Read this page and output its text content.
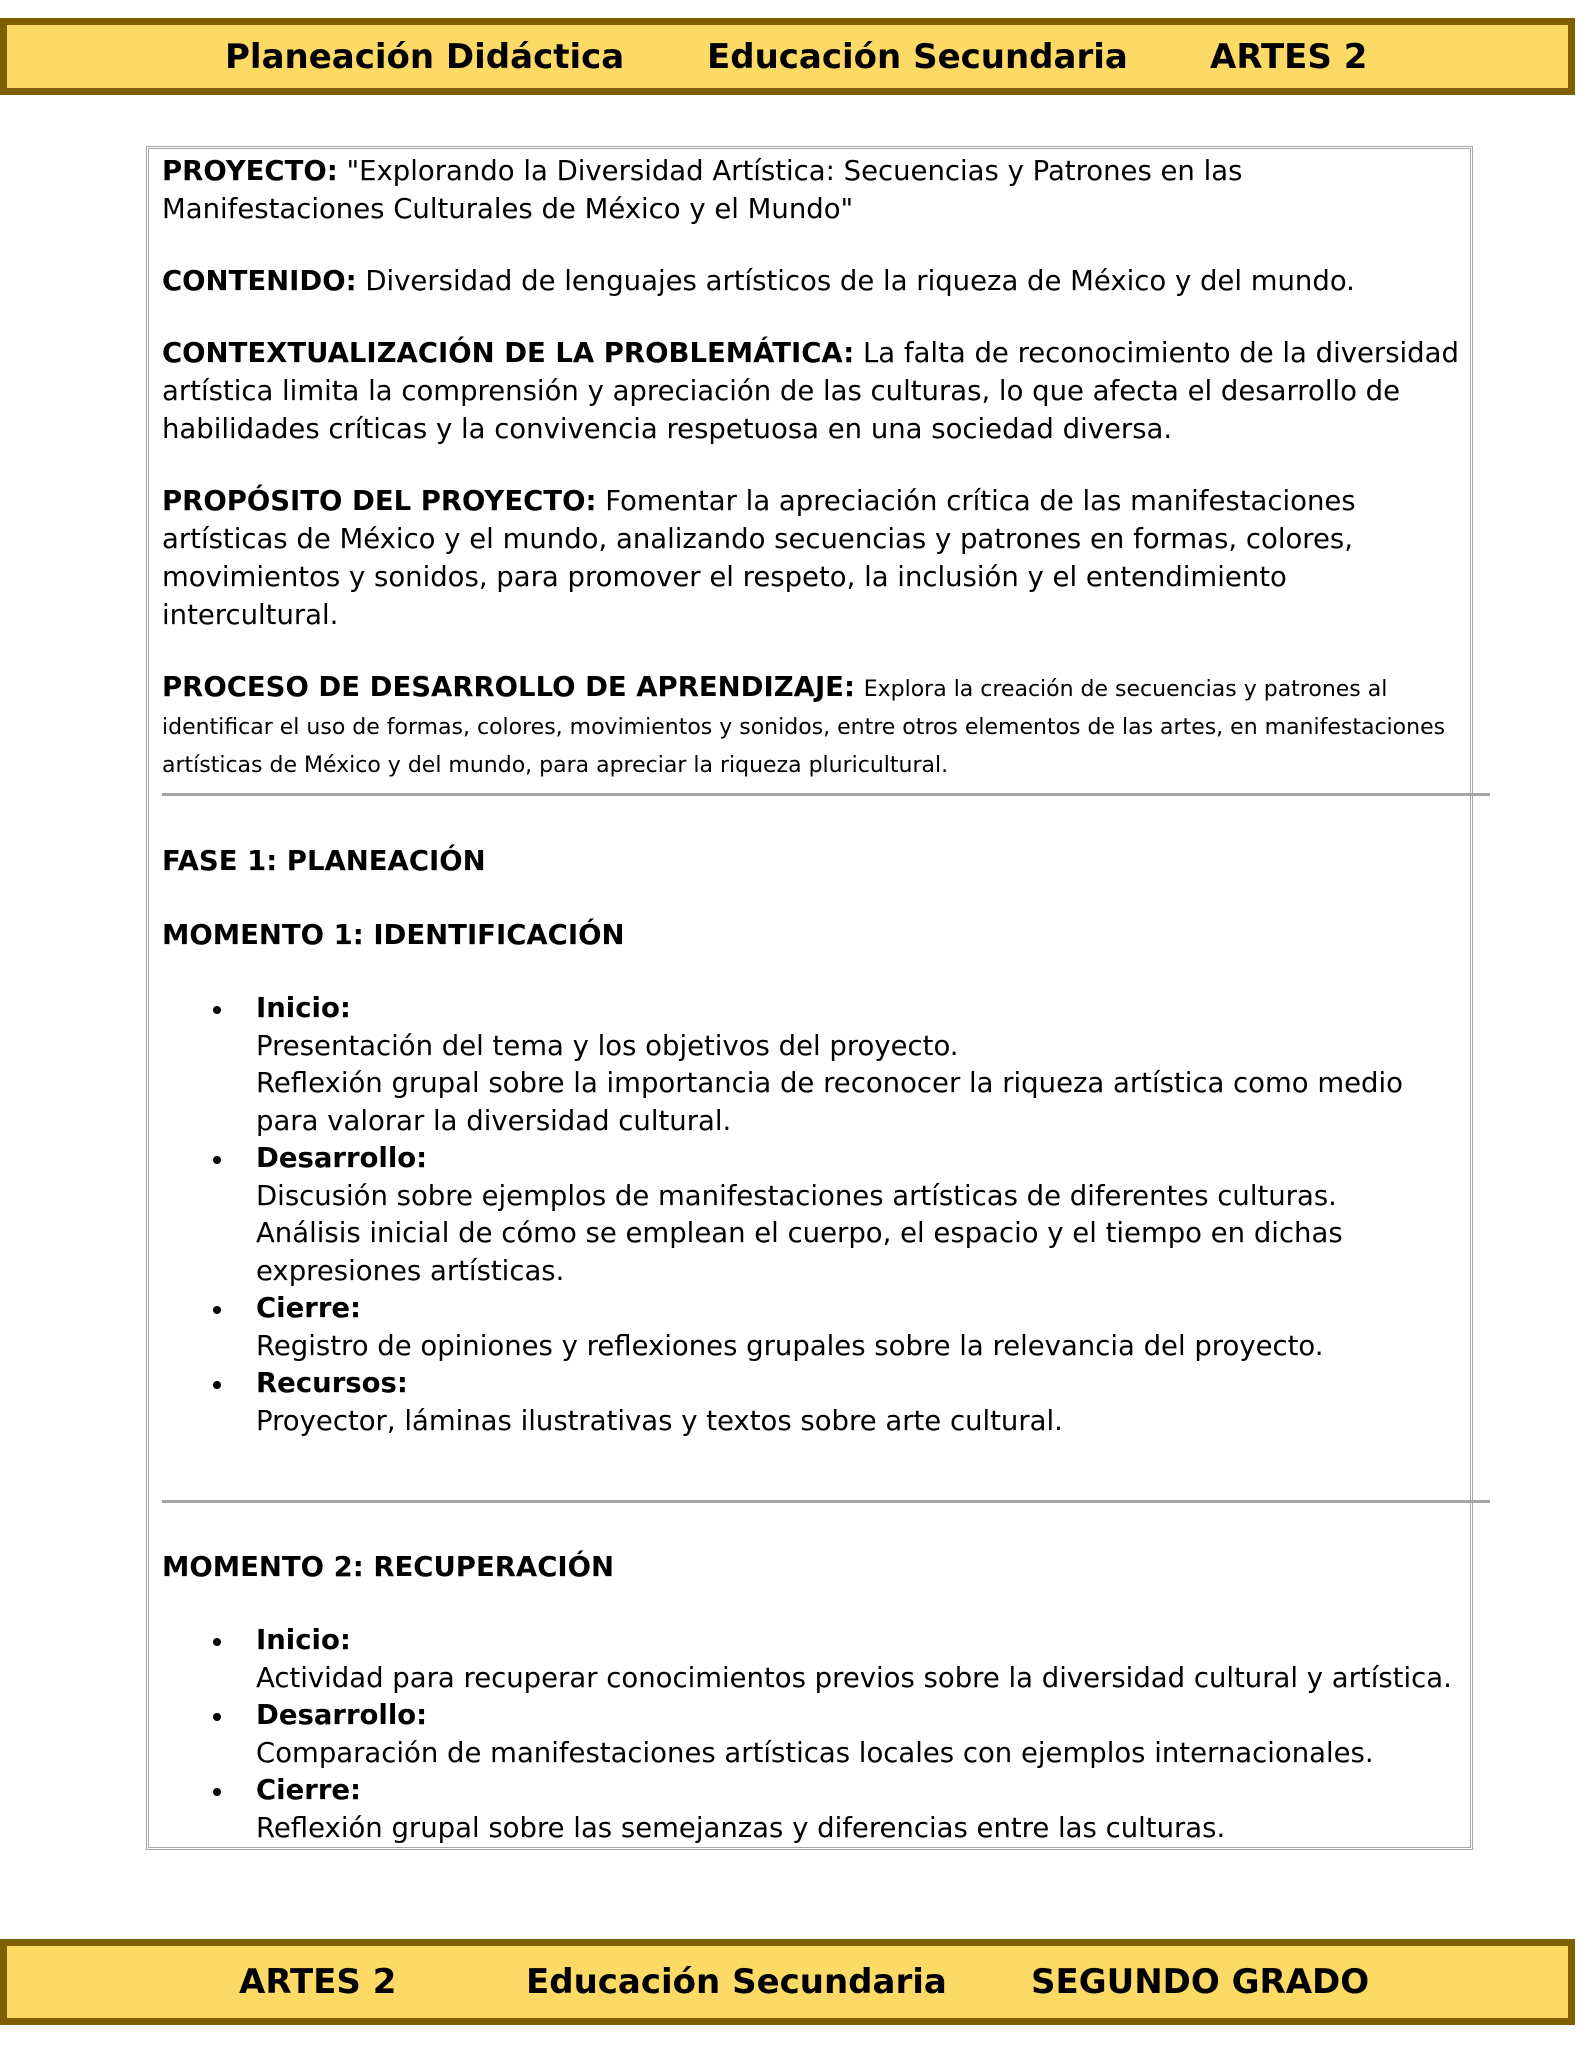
Planeación Didáctica Educación Secundaria ARTES 2

PROYECTO: "Explorando la Diversidad Artística: Secuencias y Patrones en las Manifestaciones Culturales de México y el Mundo"

CONTENIDO: Diversidad de lenguajes artísticos de la riqueza de México y del mundo.

CONTEXTUALIZACIÓN DE LA PROBLEMÁTICA: La falta de reconocimiento de la diversidad artística limita la comprensión y apreciación de las culturas, lo que afecta el desarrollo de habilidades críticas y la convivencia respetuosa en una sociedad diversa.

PROPÓSITO DEL PROYECTO: Fomentar la apreciación crítica de las manifestaciones artísticas de México y el mundo, analizando secuencias y patrones en formas, colores, movimientos y sonidos, para promover el respeto, la inclusión y el entendimiento intercultural.

PROCESO DE DESARROLLO DE APRENDIZAJE: Explora la creación de secuencias y patrones al identificar el uso de formas, colores, movimientos y sonidos, entre otros elementos de las artes, en manifestaciones artísticas de México y del mundo, para apreciar la riqueza pluricultural.

FASE 1: PLANEACIÓN

MOMENTO 1: IDENTIFICACIÓN

Inicio:
Presentación del tema y los objetivos del proyecto.
Reflexión grupal sobre la importancia de reconocer la riqueza artística como medio para valorar la diversidad cultural.
Desarrollo:
Discusión sobre ejemplos de manifestaciones artísticas de diferentes culturas.
Análisis inicial de cómo se emplean el cuerpo, el espacio y el tiempo en dichas expresiones artísticas.
Cierre:
Registro de opiniones y reflexiones grupales sobre la relevancia del proyecto.
Recursos:
Proyector, láminas ilustrativas y textos sobre arte cultural.

MOMENTO 2: RECUPERACIÓN

Inicio:
Actividad para recuperar conocimientos previos sobre la diversidad cultural y artística.
Desarrollo:
Comparación de manifestaciones artísticas locales con ejemplos internacionales.
Cierre:
Reflexión grupal sobre las semejanzas y diferencias entre las culturas.
ARTES 2	Educación Secundaria SEGUNDO GRADO
